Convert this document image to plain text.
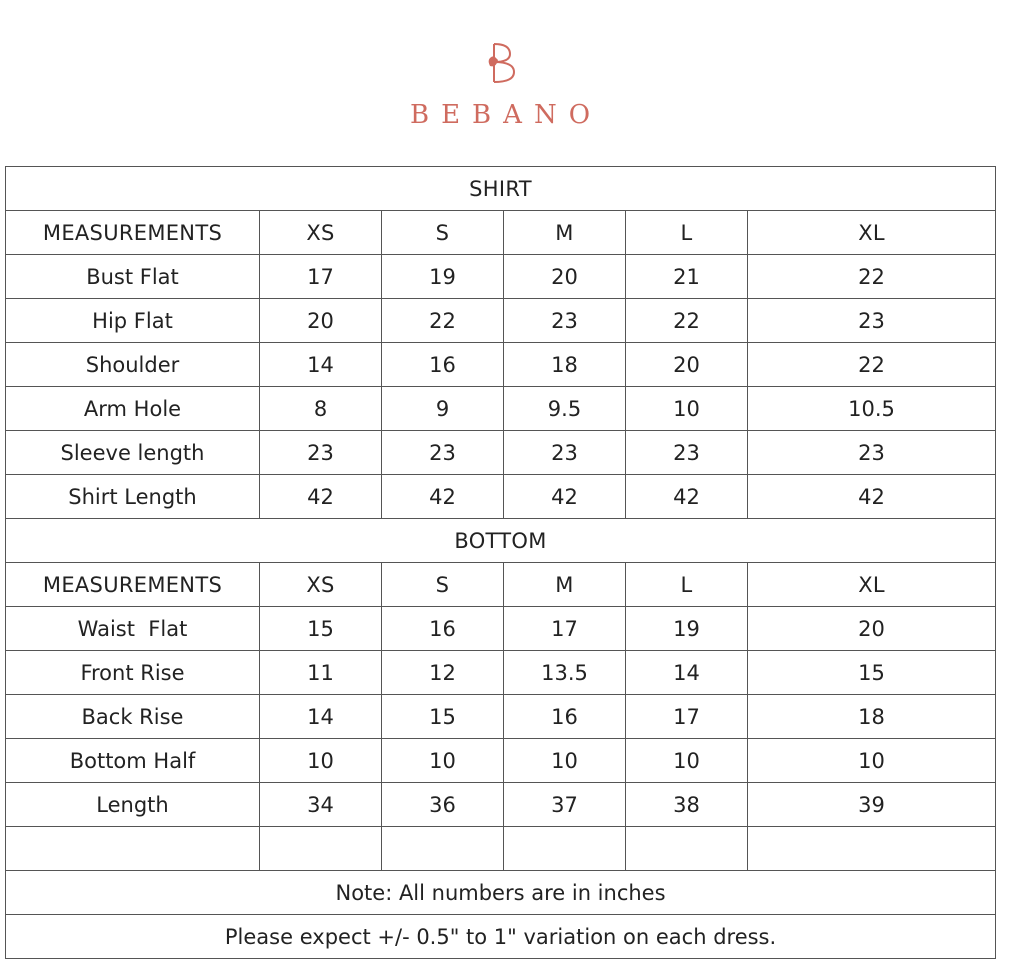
BEBANO
SHIRT					
MEASUREMENTS	XS	S	M	L	XL
Bust Flat	17	19	20	21	22
Hip Flat	20	22	23	22	23
Shoulder	14	16	18	20	22
Arm Hole	8	9	9.5	10	10.5
Sleeve length	23	23	23	23	23
Shirt Length	42	42	42	42	42
BOTTOM					
MEASUREMENTS	XS	S	M	L	XL
Waist  Flat	15	16	17	19	20
Front Rise	11	12	13.5	14	15
Back Rise	14	15	16	17	18
Bottom Half	10	10	10	10	10
Length	34	36	37	38	39

Note: All numbers are in inches					
Please expect +/- 0.5" to 1" variation on each dress.					
